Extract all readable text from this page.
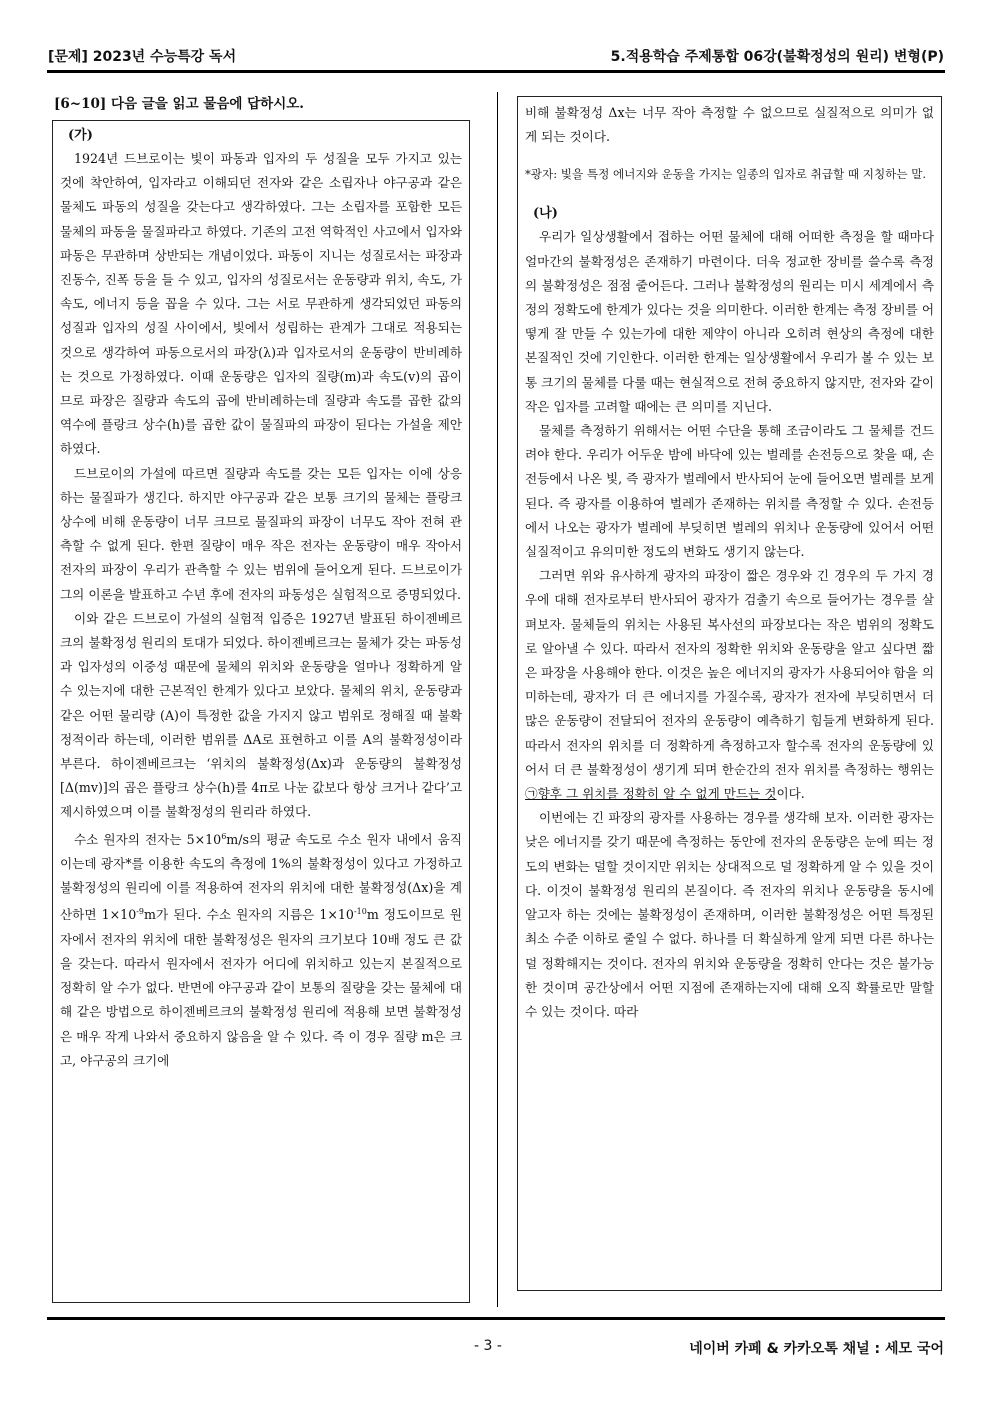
[문제] 2023년 수능특강 독서	5.적용학습 주제통합 06강(불확정성의 원리) 변형(P)
[6~10] 다음 글을 읽고 물음에 답하시오.

(가)

1924년 드브로이는 빛이 파동과 입자의 두 성질을 모두 가지고 있는 것에 착안하여, 입자라고 이해되던 전자와 같은 소립자나 야구공과 같은 물체도 파동의 성질을 갖는다고 생각하였다. 그는 소립자를 포함한 모든 물체의 파동을 물질파라고 하였다. 기존의 고전 역학적인 사고에서 입자와 파동은 무관하며 상반되는 개념이었다. 파동이 지니는 성질로서는 파장과 진동수, 진폭 등을 들 수 있고, 입자의 성질로서는 운동량과 위치, 속도, 가속도, 에너지 등을 꼽을 수 있다. 그는 서로 무관하게 생각되었던 파동의 성질과 입자의 성질 사이에서, 빛에서 성립하는 관계가 그대로 적용되는 것으로 생각하여 파동으로서의 파장(λ)과 입자로서의 운동량이 반비례하는 것으로 가정하였다. 이때 운동량은 입자의 질량(m)과 속도(v)의 곱이므로 파장은 질량과 속도의 곱에 반비례하는데 질량과 속도를 곱한 값의 역수에 플랑크 상수(h)를 곱한 값이 물질파의 파장이 된다는 가설을 제안하였다.

드브로이의 가설에 따르면 질량과 속도를 갖는 모든 입자는 이에 상응하는 물질파가 생긴다. 하지만 야구공과 같은 보통 크기의 물체는 플랑크 상수에 비해 운동량이 너무 크므로 물질파의 파장이 너무도 작아 전혀 관측할 수 없게 된다. 한편 질량이 매우 작은 전자는 운동량이 매우 작아서 전자의 파장이 우리가 관측할 수 있는 범위에 들어오게 된다. 드브로이가 그의 이론을 발표하고 수년 후에 전자의 파동성은 실험적으로 증명되었다.

이와 같은 드브로이 가설의 실험적 입증은 1927년 발표된 하이젠베르크의 불확정성 원리의 토대가 되었다. 하이젠베르크는 물체가 갖는 파동성과 입자성의 이중성 때문에 물체의 위치와 운동량을 얼마나 정확하게 알 수 있는지에 대한 근본적인 한계가 있다고 보았다. 물체의 위치, 운동량과 같은 어떤 물리량 (A)이 특정한 값을 가지지 않고 범위로 정해질 때 불확정적이라 하는데, 이러한 범위를 ΔA로 표현하고 이를 A의 불확정성이라 부른다. 하이젠베르크는 ‘위치의 불확정성(Δx)과 운동량의 불확정성[Δ(mv)]의 곱은 플랑크 상수(h)를 4π로 나눈 값보다 항상 크거나 같다’고 제시하였으며 이를 불확정성의 원리라 하였다.

수소 원자의 전자는 $5\times 10^6m/s$의 평균 속도로 수소 원자 내에서 움직이는데 광자*를 이용한 속도의 측정에 1%의 불확정성이 있다고 가정하고 불확정성의 원리에 이를 적용하여 전자의 위치에 대한 불확정성(Δx)을 계산하면 $1\times 10^{-9}m$가 된다. 수소 원자의 지름은 $1\times 10^{-10}m$ 정도이므로 원자에서 전자의 위치에 대한 불확정성은 원자의 크기보다 10배 정도 큰 값을 갖는다. 따라서 원자에서 전자가 어디에 위치하고 있는지 본질적으로 정확히 알 수가 없다. 반면에 야구공과 같이 보통의 질량을 갖는 물체에 대해 같은 방법으로 하이젠베르크의 불확정성 원리에 적용해 보면 불확정성은 매우 작게 나와서 중요하지 않음을 알 수 있다. 즉 이 경우 질량 m은 크고, 야구공의 크기에

비해 불확정성 Δx는 너무 작아 측정할 수 없으므로 실질적으로 의미가 없게 되는 것이다.

*광자: 빛을 특정 에너지와 운동을 가지는 일종의 입자로 취급할 때 지칭하는 말.

(나)

우리가 일상생활에서 접하는 어떤 물체에 대해 어떠한 측정을 할 때마다 얼마간의 불확정성은 존재하기 마련이다. 더욱 정교한 장비를 쓸수록 측정의 불확정성은 점점 줄어든다. 그러나 불확정성의 원리는 미시 세계에서 측정의 정확도에 한계가 있다는 것을 의미한다. 이러한 한계는 측정 장비를 어떻게 잘 만들 수 있는가에 대한 제약이 아니라 오히려 현상의 측정에 대한 본질적인 것에 기인한다. 이러한 한계는 일상생활에서 우리가 볼 수 있는 보통 크기의 물체를 다룰 때는 현실적으로 전혀 중요하지 않지만, 전자와 같이 작은 입자를 고려할 때에는 큰 의미를 지닌다.

물체를 측정하기 위해서는 어떤 수단을 통해 조금이라도 그 물체를 건드려야 한다. 우리가 어두운 밤에 바닥에 있는 벌레를 손전등으로 찾을 때, 손전등에서 나온 빛, 즉 광자가 벌레에서 반사되어 눈에 들어오면 벌레를 보게 된다. 즉 광자를 이용하여 벌레가 존재하는 위치를 측정할 수 있다. 손전등에서 나오는 광자가 벌레에 부딪히면 벌레의 위치나 운동량에 있어서 어떤 실질적이고 유의미한 정도의 변화도 생기지 않는다.

그러면 위와 유사하게 광자의 파장이 짧은 경우와 긴 경우의 두 가지 경우에 대해 전자로부터 반사되어 광자가 검출기 속으로 들어가는 경우를 살펴보자. 물체들의 위치는 사용된 복사선의 파장보다는 작은 범위의 정확도로 알아낼 수 있다. 따라서 전자의 정확한 위치와 운동량을 알고 싶다면 짧은 파장을 사용해야 한다. 이것은 높은 에너지의 광자가 사용되어야 함을 의미하는데, 광자가 더 큰 에너지를 가질수록, 광자가 전자에 부딪히면서 더 많은 운동량이 전달되어 전자의 운동량이 예측하기 힘들게 변화하게 된다. 따라서 전자의 위치를 더 정확하게 측정하고자 할수록 전자의 운동량에 있어서 더 큰 불확정성이 생기게 되며 한순간의 전자 위치를 측정하는 행위는 ㉠향후 그 위치를 정확히 알 수 없게 만드는 것이다.

이번에는 긴 파장의 광자를 사용하는 경우를 생각해 보자. 이러한 광자는 낮은 에너지를 갖기 때문에 측정하는 동안에 전자의 운동량은 눈에 띄는 정도의 변화는 덜할 것이지만 위치는 상대적으로 덜 정확하게 알 수 있을 것이다. 이것이 불확정성 원리의 본질이다. 즉 전자의 위치나 운동량을 동시에 알고자 하는 것에는 불확정성이 존재하며, 이러한 불확정성은 어떤 특정된 최소 수준 이하로 줄일 수 없다. 하나를 더 확실하게 알게 되면 다른 하나는 덜 정확해지는 것이다. 전자의 위치와 운동량을 정확히 안다는 것은 불가능한 것이며 공간상에서 어떤 지점에 존재하는지에 대해 오직 확률로만 말할 수 있는 것이다. 따라

- 3 -	네이버 카페 & 카카오톡 채널 : 세모 국어
